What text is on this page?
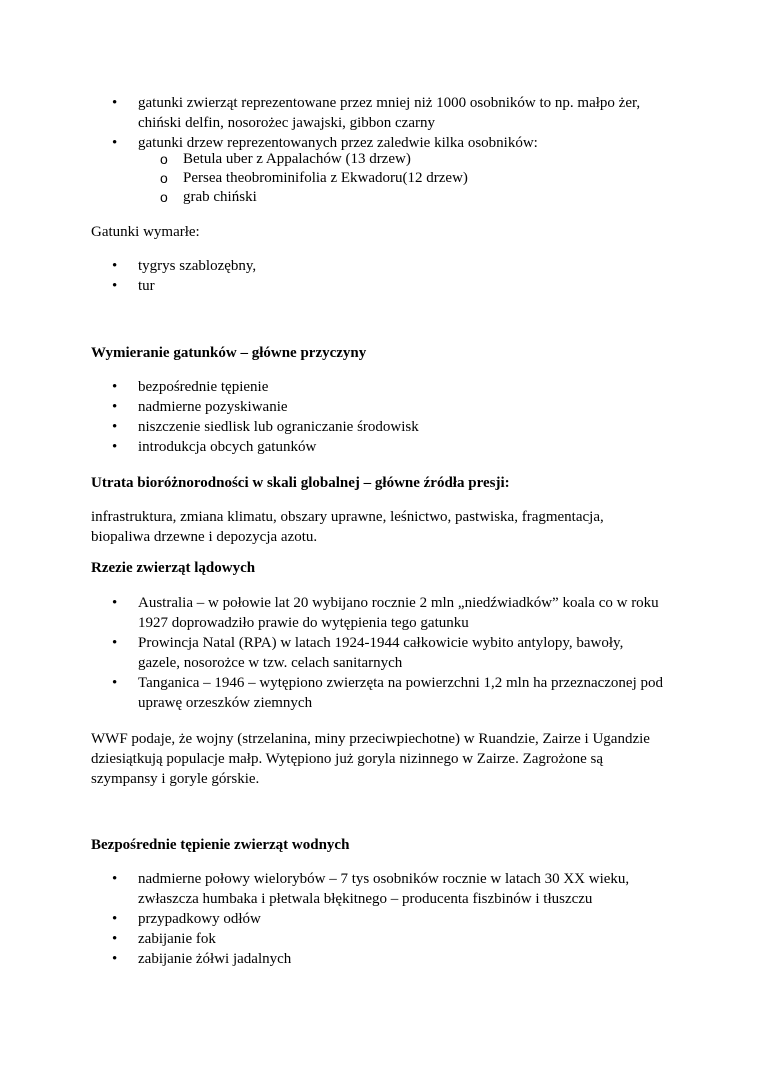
• gatunki zwierząt reprezentowane przez mniej niż 1000 osobników to np. małpo żer, chiński delfin, nosorożec jawajski, gibbon czarny
• gatunki drzew reprezentowanych przez zaledwie kilka osobników:
o Betula uber z Appalachów (13 drzew)
o Persea theobrominifolia z Ekwadoru(12 drzew)
o grab chiński

Gatunki wymarłe:

• tygrys szablozębny,
• tur

Wymieranie gatunków – główne przyczyny

• bezpośrednie tępienie
• nadmierne pozyskiwanie
• niszczenie siedlisk lub ograniczanie środowisk
• introdukcja obcych gatunków

Utrata bioróżnorodności w skali globalnej – główne źródła presji:

infrastruktura, zmiana klimatu, obszary uprawne, leśnictwo, pastwiska, fragmentacja, biopaliwa drzewne i depozycja azotu.

Rzezie zwierząt lądowych

• Australia – w połowie lat 20 wybijano rocznie 2 mln „niedźwiadków” koala co w roku 1927 doprowadziło prawie do wytępienia tego gatunku
• Prowincja Natal (RPA) w latach 1924-1944 całkowicie wybito antylopy, bawoły, gazele, nosorożce w tzw. celach sanitarnych
• Tanganica – 1946 – wytępiono zwierzęta na powierzchni 1,2 mln ha przeznaczonej pod uprawę orzeszków ziemnych

WWF podaje, że wojny (strzelanina, miny przeciwpiechotne) w Ruandzie, Zairze i Ugandzie dziesiątkują populacje małp. Wytępiono już goryla nizinnego w Zairze. Zagrożone są szympansy i goryle górskie.

Bezpośrednie tępienie zwierząt wodnych

• nadmierne połowy wielorybów – 7 tys osobników rocznie w latach 30 XX wieku, zwłaszcza humbaka i płetwala błękitnego – producenta fiszbinów i tłuszczu
• przypadkowy odłów
• zabijanie fok
• zabijanie żółwi jadalnych
